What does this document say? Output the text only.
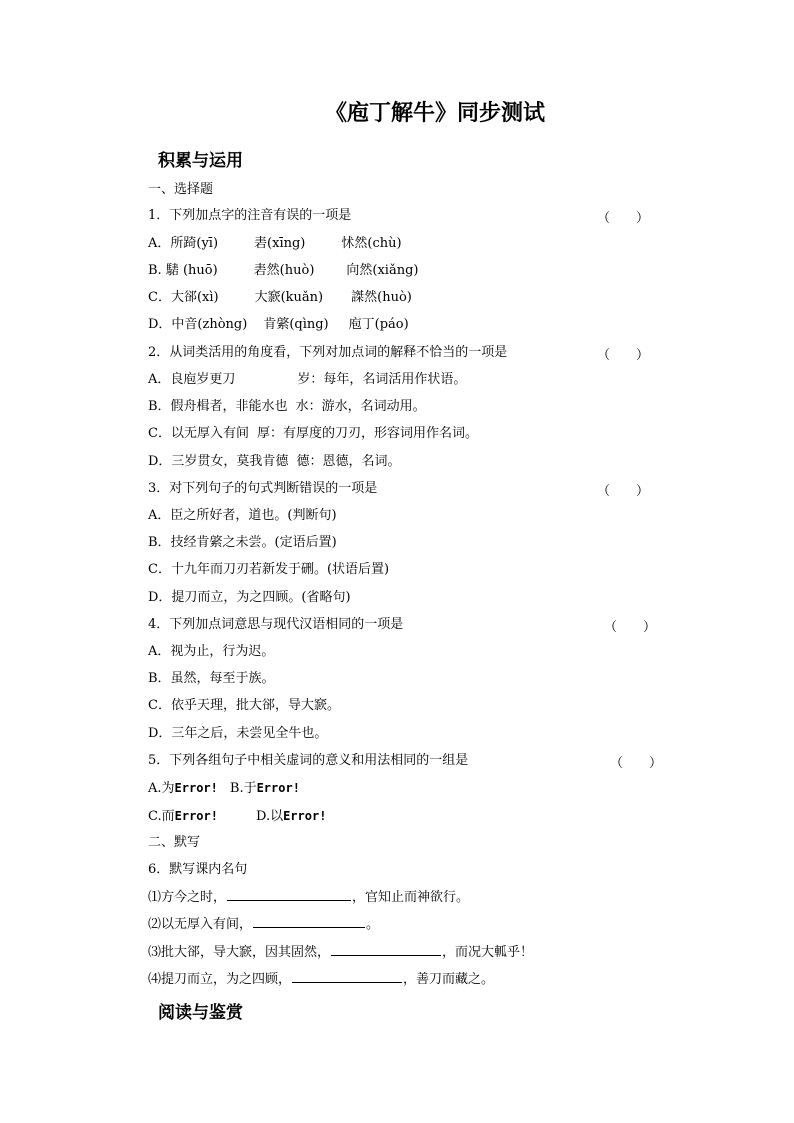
《庖丁解牛》同步测试
积累与运用
一、选择题
1．下列加点字的注音有误的一项是	（　　）
A．所踦(yī)	砉(xīng)	怵然(chù)
B. 騞 (huō)	砉然(huò) 向然(xiǎng)
C．大郤(xì)	大窾(kuǎn) 謋然(huò)
D．中音(zhòng) 肯綮(qìng) 庖丁(páo)
2．从词类活用的角度看，下列对加点词的解释不恰当的一项是	（　　）
A．良庖岁更刀	岁：每年，名词活用作状语。
B．假舟楫者，非能水也 水：游水，名词动用。
C．以无厚入有间 厚：有厚度的刀刃，形容词用作名词。
D．三岁贯女，莫我肯德 德：恩德，名词。
3．对下列句子的句式判断错误的一项是	（　　）
A．臣之所好者，道也。(判断句)
B．技经肯綮之未尝。(定语后置)
C．十九年而刀刃若新发于硎。(状语后置)
D．提刀而立，为之四顾。(省略句)
4．下列加点词意思与现代汉语相同的一项是	（　　）
A．视为止，行为迟。
B．虽然，每至于族。
C．依乎天理，批大郤，导大窾。
D．三年之后，未尝见全牛也。
5．下列各组句子中相关虚词的意义和用法相同的一组是	（　　）
A.为Error! B.于Error!
C.而Error!	D.以Error!
二、默写
6．默写课内名句
⑴方今之时，	，官知止而神欲行。
⑵以无厚入有间，	。
⑶批大郤，导大窾，因其固然，	，而况大軱乎！
⑷提刀而立，为之四顾，	，善刀而藏之。
阅读与鉴赏
